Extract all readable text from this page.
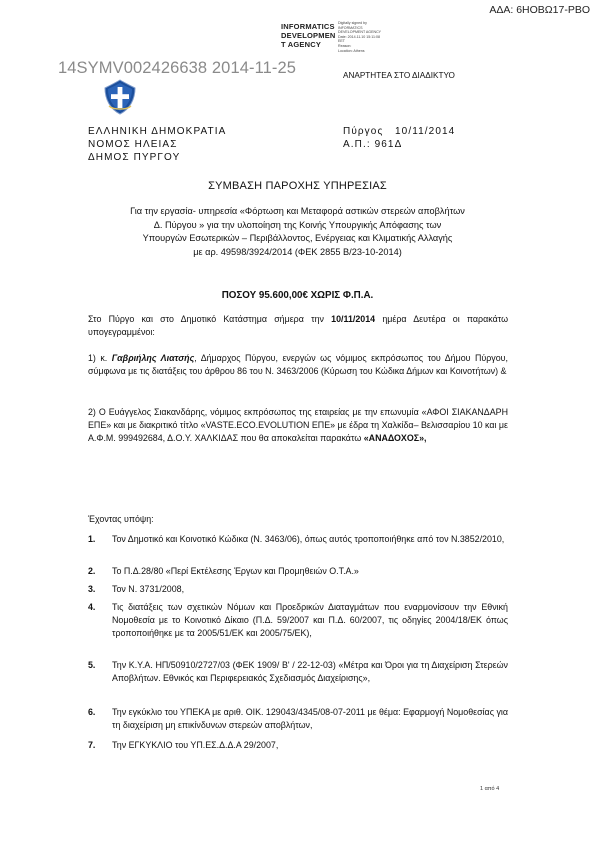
ΑΔΑ: 6ΗΟΒΩ17-ΡΒΟ
INFORMATICS
DEVELOPMEN
T AGENCY
Digitally signed by
INFORMATICS
DEVELOPMENT AGENCY
Date: 2014.11.10 15:11:08
EET
Reason:
Location: Athens
14SYMV002426638 2014-11-25	ΑΝΑΡΤΗΤΕΑ ΣΤΟ ΔΙΑΔΙΚΤΥΟ
ΕΛΛΗΝΙΚΗ ΔΗΜΟΚΡΑΤΙΑ
ΝΟΜΟΣ ΗΛΕΙΑΣ
ΔΗΜΟΣ ΠΥΡΓΟΥ
Πύργος   10/11/2014
Α.Π.: 961Δ
ΣΥΜΒΑΣΗ ΠΑΡΟΧΗΣ ΥΠΗΡΕΣΙΑΣ
Για την εργασία- υπηρεσία «Φόρτωση και Μεταφορά αστικών στερεών αποβλήτων
Δ. Πύργου » για την υλοποίηση της Κοινής Υπουργικής Απόφασης των
Υπουργών Εσωτερικών – Περιβάλλοντος, Ενέργειας και Κλιματικής Αλλαγής
με αρ. 49598/3924/2014 (ΦΕΚ 2855 Β/23-10-2014)
ΠΟΣΟΥ 95.600,00€ ΧΩΡΙΣ Φ.Π.Α.
Στο Πύργο και στο Δημοτικό Κατάστημα σήμερα την 10/11/2014 ημέρα Δευτέρα οι παρακάτω υπογεγραμμένοι:
1) κ. Γαβριήλης Λιατσής, Δήμαρχος Πύργου, ενεργών ως νόμιμος εκπρόσωπος του Δήμου Πύργου, σύμφωνα με τις διατάξεις του άρθρου 86 του Ν. 3463/2006 (Κύρωση του Κώδικα Δήμων και Κοινοτήτων) &
2) Ο Ευάγγελος Σιακανδάρης, νόμιμος εκπρόσωπος της εταιρείας με την επωνυμία «ΑΦΟΙ ΣΙΑΚΑΝΔΑΡΗ ΕΠΕ» και με διακριτικό τίτλο «VASTE.ECO.EVOLUTION ΕΠΕ» με έδρα τη Χαλκίδα– Βελισσαρίου 10 και με Α.Φ.Μ. 999492684, Δ.Ο.Υ. ΧΑΛΚΙΔΑΣ που θα αποκαλείται παρακάτω «ΑΝΑΔΟΧΟΣ»,
Έχοντας υπόψη:
1. Τον Δημοτικό και Κοινοτικό Κώδικα (Ν. 3463/06), όπως αυτός τροποποιήθηκε από τον Ν.3852/2010,
2. Το Π.Δ.28/80 «Περί Εκτέλεσης Έργων και Προμηθειών Ο.Τ.Α.»
3. Τον Ν. 3731/2008,
4. Τις διατάξεις των σχετικών Νόμων και Προεδρικών Διαταγμάτων που εναρμονίσουν την Εθνική Νομοθεσία με το Κοινοτικό Δίκαιο (Π.Δ. 59/2007 και Π.Δ. 60/2007, τις οδηγίες 2004/18/ΕΚ όπως τροποποιήθηκε με τα 2005/51/ΕΚ και 2005/75/ΕΚ),
5. Την Κ.Υ.Α. ΗΠ/50910/2727/03 (ΦΕΚ 1909/ Β' / 22-12-03) «Μέτρα και Όροι για τη Διαχείριση Στερεών Αποβλήτων. Εθνικός και Περιφερειακός Σχεδιασμός Διαχείρισης»,
6. Την εγκύκλιο του ΥΠΕΚΑ με αριθ. ΟΙΚ. 129043/4345/08-07-2011 με θέμα: Εφαρμογή Νομοθεσίας για τη διαχείριση μη επικίνδυνων στερεών αποβλήτων,
7. Την ΕΓΚΥΚΛΙΟ του ΥΠ.ΕΣ.Δ.Δ.Α 29/2007,
1 από 4
